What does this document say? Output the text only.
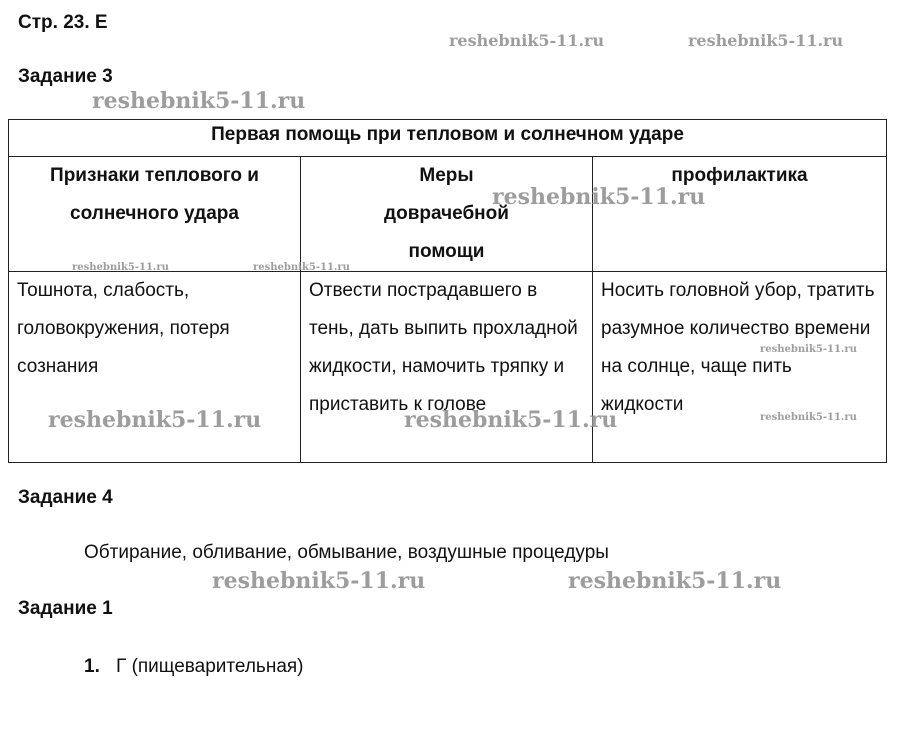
Стр. 23. Е
reshebnik5-11.ru	reshebnik5-11.ru
Задание 3
reshebnik5-11.ru
Первая помощь при тепловом и солнечном ударе		
Признаки теплового и солнечного удара	Меры доврачебной помощи	профилактика
Тошнота, слабость, головокружения, потеря сознания	Отвести пострадавшего в тень, дать выпить прохладной жидкости, намочить тряпку и приставить к голове	Носить головной убор, тратить разумное количество времени на солнце, чаще пить жидкости
reshebnik5-11.ru
reshebnik5-11.ru	reshebnik5-11.ru
reshebnik5-11.ru
reshebnik5-11.ru
reshebnik5-11.ru	reshebnik5-11.ru
Задание 4
Обтирание, обливание, обмывание, воздушные процедуры
reshebnik5-11.ru	reshebnik5-11.ru
Задание 1
1. Г (пищеварительная)
